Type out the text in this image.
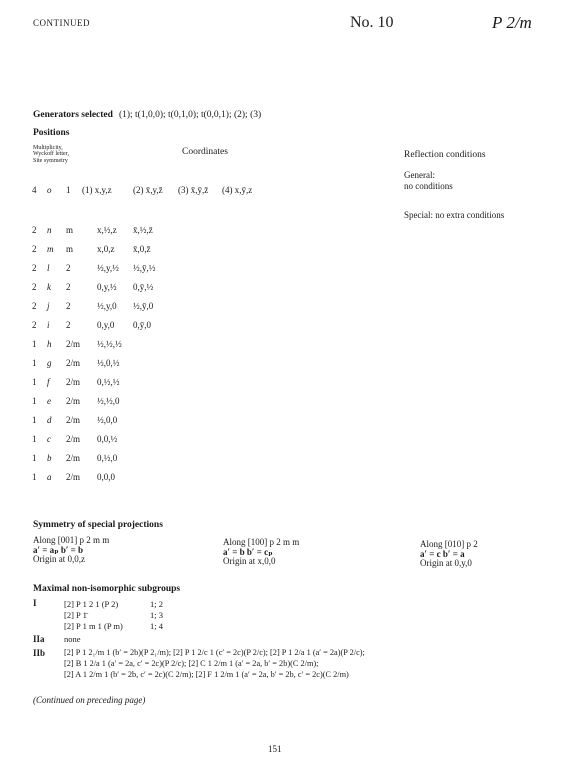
CONTINUED	No. 10	P 2/m
Generators selected (1); t(1,0,0); t(0,1,0); t(0,0,1); (2); (3)
Positions
Multiplicity,
Wyckoff letter,
Site symmetry
Coordinates	Reflection conditions
General:
no conditions
Special: no extra conditions
4 o 1 (1) x,y,z (2) x̄,y,z̄ (3) x̄,ȳ,z̄ (4) x,ȳ,z
2 n m	x,½,z x̄,½,z̄
2 m m	x,0,z x̄,0,z̄
2 l 2	½,y,½ ½,ȳ,½
2 k 2	0,y,½ 0,ȳ,½
2 j 2	½,y,0 ½,ȳ,0
2 i 2	0,y,0 0,ȳ,0
1 h 2/m ½,½,½
1 g 2/m ½,0,½
1 f 2/m 0,½,½
1 e 2/m ½,½,0
1 d 2/m ½,0,0
1 c 2/m 0,0,½
1 b 2/m 0,½,0
1 a 2/m 0,0,0
Symmetry of special projections
Along [001] p 2 m m
a′ = aₚ b′ = b
Origin at 0,0,z
Along [100] p 2 m m
a′ = b b′ = cₚ
Origin at x,0,0
Along [010] p 2
a′ = c b′ = a
Origin at 0,y,0
Maximal non-isomorphic subgroups
I	[2] P 1 2 1 (P 2)	1; 2
[2] P 1̄	1; 3
[2] P 1 m 1 (P m)	1; 4
IIa none
IIb [2] P 1 2₁/m 1 (b′ = 2b)(P 2₁/m); [2] P 1 2/c 1 (c′ = 2c)(P 2/c); [2] P 1 2/a 1 (a′ = 2a)(P 2/c);
[2] B 1 2/a 1 (a′ = 2a, c′ = 2c)(P 2/c); [2] C 1 2/m 1 (a′ = 2a, b′ = 2b)(C 2/m);
[2] A 1 2/m 1 (b′ = 2b, c′ = 2c)(C 2/m); [2] F 1 2/m 1 (a′ = 2a, b′ = 2b, c′ = 2c)(C 2/m)
(Continued on preceding page)
151
